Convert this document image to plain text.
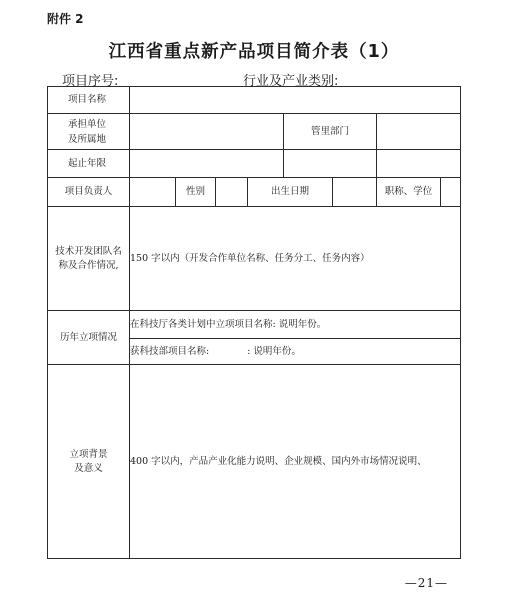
附件 2
江西省重点新产品项目简介表（1）
项目序号:	行业及产业类别:
项目名称								

承担单位
及所属地					管里部门			
起止年限								
项目负责人		性别		出生日期			职称、学位	

技术开发团队名
称及合作情况,	150 字以内（开发合作单位名称、任务分工、任务内容）							
历年立项情况	在科技厅各类计划中立项项目名称: 说明年份。							
	获科技部项目名称:　　　　: 说明年份。							

立项背景
及意义	400 字以内，产品产业化能力说明、企业规模、国内外市场情况说明、							
—21—
